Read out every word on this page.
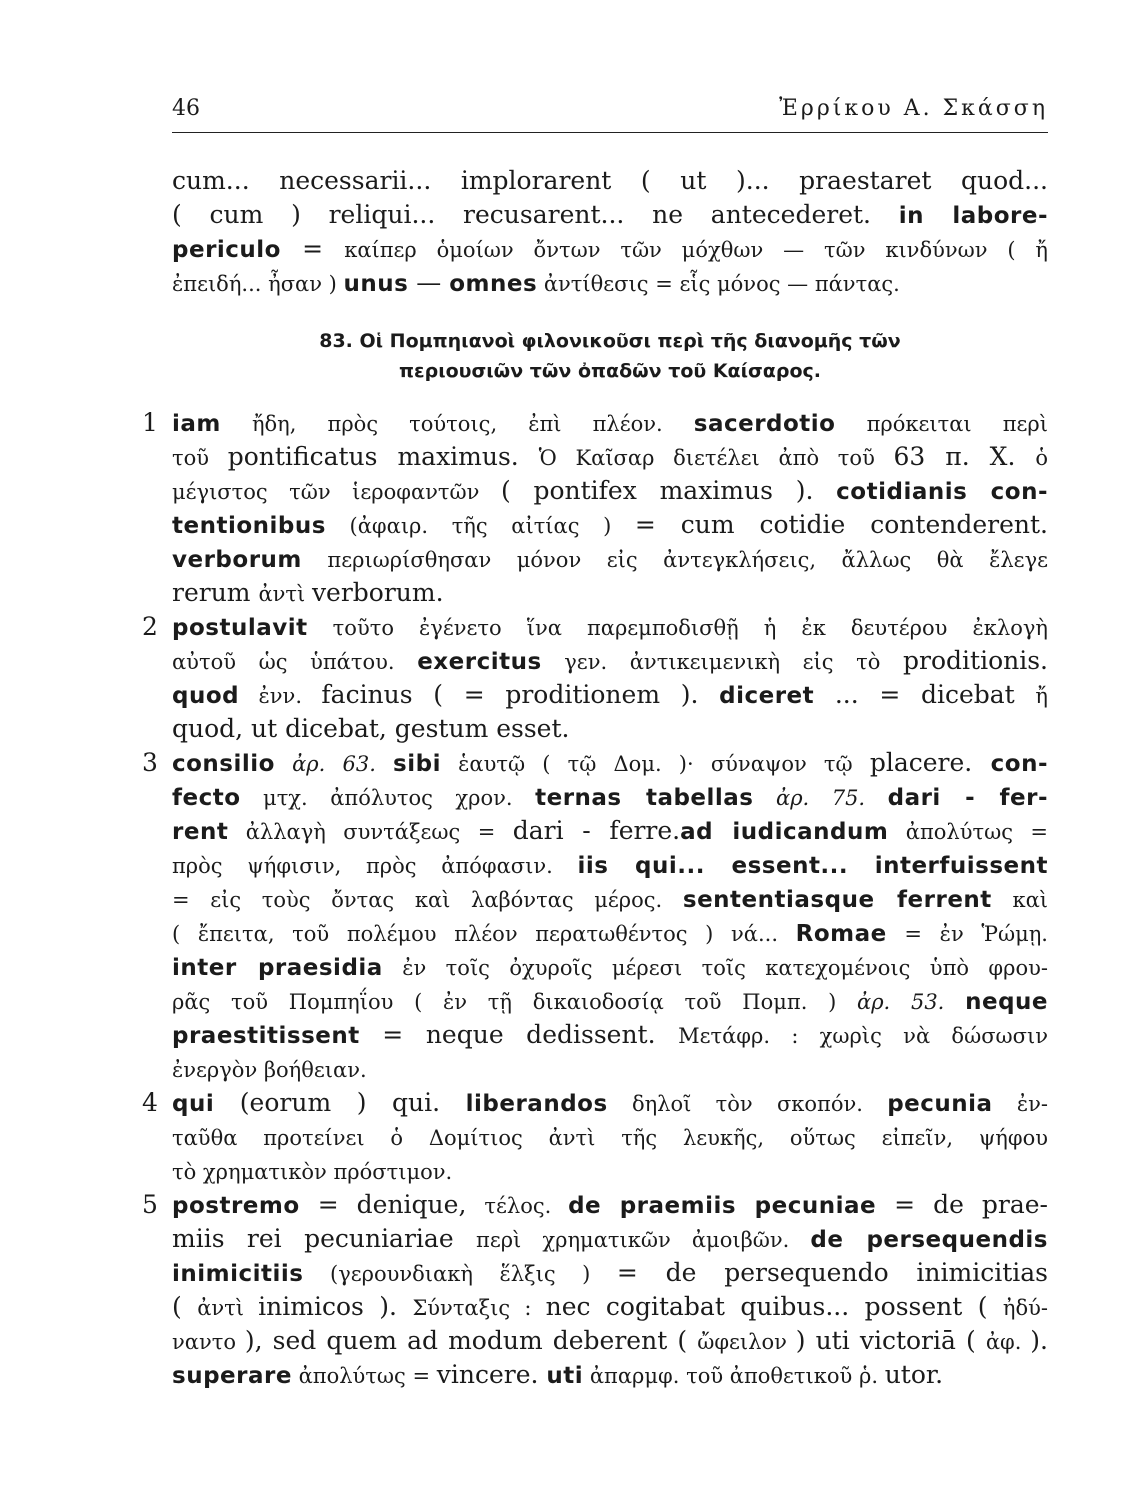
46	Ἐρρίκου Α. Σκάσση
cum... necessarii... implorarent ( ut )... praestaret quod...
( cum ) reliqui... recusarent... ne antecederet. in labore-
periculo = καίπερ ὁμοίων ὄντων τῶν μόχθων — τῶν κινδύνων ( ἤ
ἐπειδή... ἦσαν ) unus — omnes ἀντίθεσις = εἷς μόνος — πάντας.
83. Οἱ Πομπηιανοὶ φιλονικοῦσι περὶ τῆς διανομῆς τῶν
περιουσιῶν τῶν ὀπαδῶν τοῦ Καίσαρος.
1 iam ἤδη, πρὸς τούτοις, ἐπὶ πλέον. sacerdotio πρόκειται περὶ
τοῦ pontificatus maximus. Ὁ Καῖσαρ διετέλει ἀπὸ τοῦ 63 π. Χ. ὁ
μέγιστος τῶν ἱεροφαντῶν ( pontifex maximus ). cotidianis con-
tentionibus (ἀφαιρ. τῆς αἰτίας ) = cum cotidie contenderent.
verborum περιωρίσθησαν μόνον εἰς ἀντεγκλήσεις, ἄλλως θὰ ἔλεγε
rerum ἀντὶ verborum.
2 postulavit τοῦτο ἐγένετο ἵνα παρεμποδισθῇ ἡ ἐκ δευτέρου ἐκλογὴ
αὐτοῦ ὡς ὑπάτου. exercitus γεν. ἀντικειμενικὴ εἰς τὸ proditionis.
quod ἐνν. facinus ( = proditionem ). diceret ... = dicebat ἤ
quod, ut dicebat, gestum esset.
3 consilio ἀρ. 63. sibi ἑαυτῷ ( τῷ Δομ. )· σύναψον τῷ placere. con-
fecto μτχ. ἀπόλυτος χρον. ternas tabellas ἀρ. 75. dari - fer-
rent ἀλλαγὴ συντάξεως = dari - ferre.ad iudicandum ἀπολύτως =
πρὸς ψήφισιν, πρὸς ἀπόφασιν. iis qui... essent... interfuissent
= εἰς τοὺς ὄντας καὶ λαβόντας μέρος. sententiasque ferrent καὶ
( ἔπειτα, τοῦ πολέμου πλέον περατωθέντος ) νά... Romae = ἐν Ῥώμῃ.
inter praesidia ἐν τοῖς ὀχυροῖς μέρεσι τοῖς κατεχομένοις ὑπὸ φρου-
ρᾶς τοῦ Πομπηΐου ( ἐν τῇ δικαιοδοσίᾳ τοῦ Πομπ. ) ἀρ. 53. neque
praestitissent = neque dedissent. Μετάφρ. : χωρὶς νὰ δώσωσιν
ἐνεργὸν βοήθειαν.
4 qui (eorum ) qui. liberandos δηλοῖ τὸν σκοπόν. pecunia ἐν-
ταῦθα προτείνει ὁ Δομίτιος ἀντὶ τῆς λευκῆς, οὕτως εἰπεῖν, ψήφου
τὸ χρηματικὸν πρόστιμον.
5 postremo = denique, τέλος. de praemiis pecuniae = de prae-
miis rei pecuniariae περὶ χρηματικῶν ἀμοιβῶν. de persequendis
inimicitiis (γερουνδιακὴ ἕλξις ) = de persequendo inimicitias
( ἀντὶ inimicos ). Σύνταξις : nec cogitabat quibus... possent ( ἠδύ-
ναντο ), sed quem ad modum deberent ( ὤφειλον ) uti victoriā ( ἀφ. ).
superare ἀπολύτως = vincere. uti ἀπαρμφ. τοῦ ἀποθετικοῦ ῥ. utor.
